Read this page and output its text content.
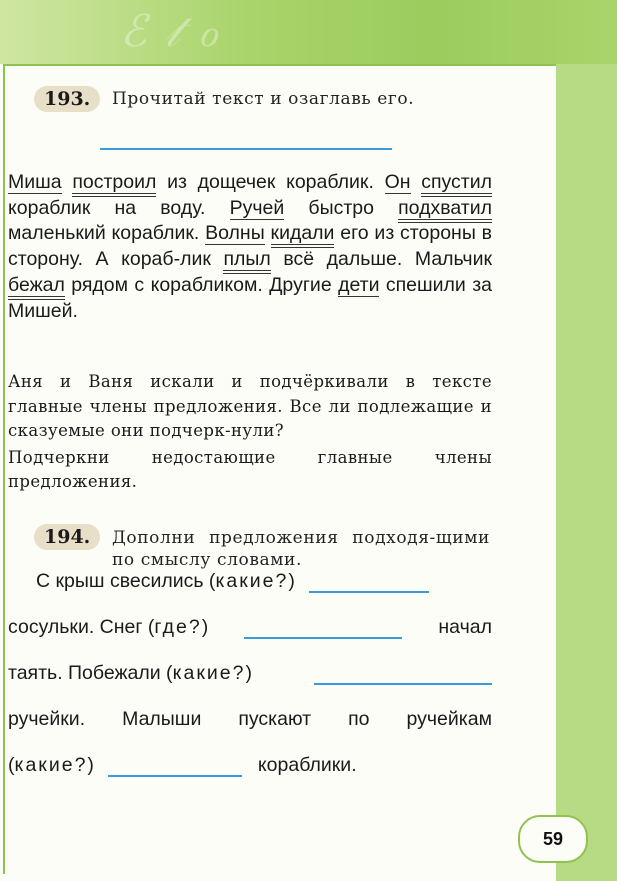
ℰ𝓉ℴ
193.	Прочитай текст и озаглавь его.
Миша построил из дощечек кораблик. Он спустил кораблик на воду. Ручей быстро подхватил маленький кораблик. Волны кидали его из стороны в сторону. А кораб-лик плыл всё дальше. Мальчик бежал рядом с корабликом. Другие дети спешили за Мишей.

Аня и Ваня искали и подчёркивали в тексте главные члены предложения. Все ли подлежащие и сказуемые они подчерк-нули?

Подчеркни недостающие главные члены предложения.

194.	Дополни предложения подходя-щими по смыслу словами.
С крыш свесились ( какие? )
сосульки. Снег (где?)	начал
таять. Побежали (какие?)
ручейки. Малыши пускают по ручейкам
(какие?)	кораблики.
59
